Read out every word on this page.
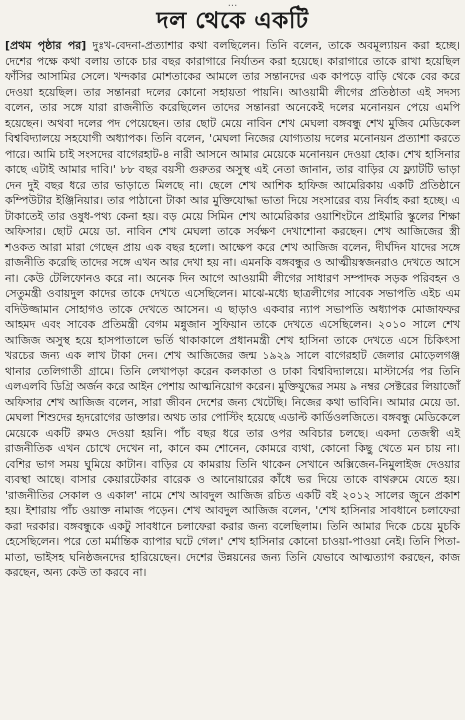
...
দল থেকে একটি

[প্রথম পৃষ্ঠার পর] দুঃখ-বেদনা-প্রত্যাশার কথা বলছিলেন। তিনি বলেন, তাকে অবমূল্যায়ন করা হচ্ছে। দেশের পক্ষে কথা বলায় তাকে চার বছর কারাগারে নির্যাতন করা হয়েছে। কারাগারে তাকে রাখা হয়েছিল ফাঁসির আসামির সেলে। খন্দকার মোশতাকের আমলে তার সন্তানদের এক কাপড়ে বাড়ি থেকে বের করে দেওয়া হয়েছিল। তার সন্তানরা দলের কোনো সহায়তা পায়নি। আওয়ামী লীগের প্রতিষ্ঠাতা এই সদস্য বলেন, তার সঙ্গে যারা রাজনীতি করেছিলেন তাদের সন্তানরা অনেকেই দলের মনোনয়ন পেয়ে এমপি হয়েছেন। অথবা দলের পদ পেয়েছেন। তার ছোট মেয়ে নাবিন শেখ মেঘলা বঙ্গবন্ধু শেখ মুজিব মেডিকেল বিশ্ববিদ্যালয়ে সহযোগী অধ্যাপক। তিনি বলেন, 'মেঘলা নিজের যোগ্যতায় দলের মনোনয়ন প্রত্যাশা করতে পারে। আমি চাই সংসদের বাগেরহাট-৪ নারী আসনে আমার মেয়েকে মনোনয়ন দেওয়া হোক। শেখ হাসিনার কাছে এটাই আমার দাবি।' ৮৮ বছর বয়সী গুরুতর অসুস্থ এই নেতা জানান, তার বাড়ির যে ফ্ল্যাটটি ভাড়া দেন দুই বছর ধরে তার ভাড়াতে মিলছে না। ছেলে শেখ আশিক হাফিজ আমেরিকায় একটি প্রতিষ্ঠানে কম্পিউটার ইঞ্জিনিয়ার। তার পাঠানো টাকা আর মুক্তিযোদ্ধা ভাতা দিয়ে সংসারের ব্যয় নির্বাহ করা হচ্ছে। এ টাকাতেই তার ওষুধ-পথ্য কেনা হয়। বড় মেয়ে সিমিন শেখ আমেরিকার ওয়াশিংটনে প্রাইমারি স্কুলের শিক্ষা অফিসার। ছোট মেয়ে ডা. নাবিন শেখ মেঘলা তাকে সর্বক্ষণ দেখাশোনা করছেন। শেখ আজিজের স্ত্রী শওকত আরা মারা গেছেন প্রায় এক বছর হলো। আক্ষেপ করে শেখ আজিজ বলেন, দীর্ঘদিন যাদের সঙ্গে রাজনীতি করেছি তাদের সঙ্গে এখন আর দেখা হয় না। এমনকি বঙ্গবন্ধুর ও আত্মীয়স্বজনরাও দেখতে আসে না। কেউ টেলিফোনও করে না। অনেক দিন আগে আওয়ামী লীগের সাধারণ সম্পাদক সড়ক পরিবহন ও সেতুমন্ত্রী ওবায়দুল কাদের তাকে দেখতে এসেছিলেন। মাঝে-মধ্যে ছাত্রলীগের সাবেক সভাপতি এইচ এম বদিউজ্জামান সোহাগও তাকে দেখতে আসেন। এ ছাড়াও একবার ন্যাপ সভাপতি অধ্যাপক মোজাফফর আহমদ এবং সাবেক প্রতিমন্ত্রী বেগম মন্নুজান সুফিয়ান তাকে দেখতে এসেছিলেন। ২০১০ সালে শেখ আজিজ অসুস্থ হয়ে হাসপাতালে ভর্তি থাকাকালে প্রধানমন্ত্রী শেখ হাসিনা তাকে দেখতে এসে চিকিৎসা খরচের জন্য এক লাখ টাকা দেন। শেখ আজিজের জন্ম ১৯২৯ সালে বাগেরহাট জেলার মোড়েলগঞ্জ থানার তেলিগাতী গ্রামে। তিনি লেখাপড়া করেন কলকাতা ও ঢাকা বিশ্ববিদ্যালয়ে। মাস্টার্সের পর তিনি এলএলবি ডিগ্রি অর্জন করে আইন পেশায় আত্মনিয়োগ করেন। মুক্তিযুদ্ধের সময় ৯ নম্বর সেক্টরের লিয়াজোঁ অফিসার শেখ আজিজ বলেন, সারা জীবন দেশের জন্য খেটেছি। নিজের কথা ভাবিনি। আমার মেয়ে ডা. মেঘলা শিশুদের হৃদরোগের ডাক্তার। অথচ তার পোস্টিং হয়েছে এডাল্ট কার্ডিওলজিতে। বঙ্গবন্ধু মেডিকেলে মেয়েকে একটি রুমও দেওয়া হয়নি। পাঁচ বছর ধরে তার ওপর অবিচার চলছে। একদা তেজস্বী এই রাজনীতিক এখন চোখে দেখেন না, কানে কম শোনেন, কোমরে ব্যথা, কোনো কিছু খেতে মন চায় না। বেশির ভাগ সময় ঘুমিয়ে কাটান। বাড়ির যে কামরায় তিনি থাকেন সেখানে অক্সিজেন-নিমুলাইজ দেওয়ার ব্যবস্থা আছে। বাসার কেয়ারটেকার বারেক ও আনোয়ারের কাঁধে ভর দিয়ে তাকে বাথরুমে যেতে হয়। 'রাজনীতির সেকাল ও একাল' নামে শেখ আবদুল আজিজ রচিত একটি বই ২০১২ সালের জুনে প্রকাশ হয়। ইশারায় পাঁচ ওয়াক্ত নামাজ পড়েন। শেখ আবদুল আজিজ বলেন, 'শেখ হাসিনার সাবধানে চলাফেরা করা দরকার। বঙ্গবন্ধুকে একটু সাবধানে চলাফেরা করার জন্য বলেছিলাম। তিনি আমার দিকে চেয়ে মুচকি হেসেছিলেন। পরে তো মর্মান্তিক ব্যাপার ঘটে গেল।' শেখ হাসিনার কোনো চাওয়া-পাওয়া নেই। তিনি পিতা-মাতা, ভাইসহ ঘনিষ্ঠজনদের হারিয়েছেন। দেশের উন্নয়নের জন্য তিনি যেভাবে আত্মত্যাগ করছেন, কাজ করছেন, অন্য কেউ তা করবে না।
